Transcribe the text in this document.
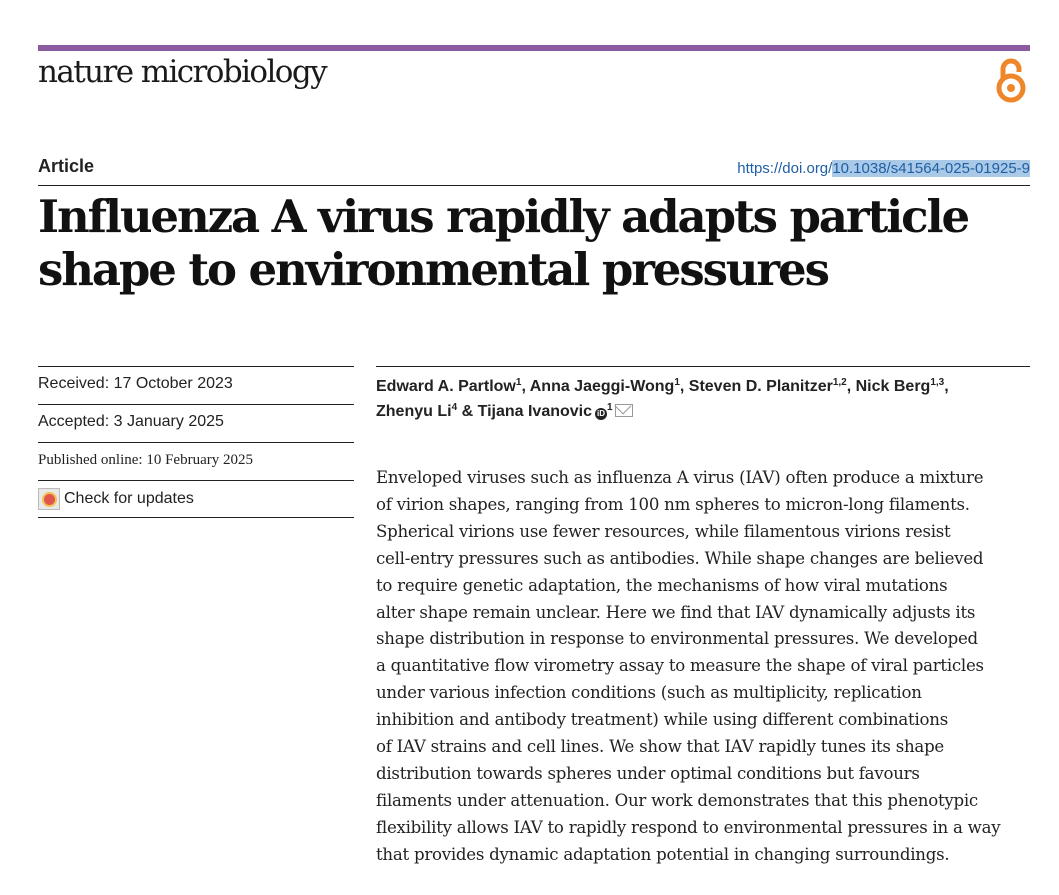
nature microbiology
Article	https://doi.org/10.1038/s41564-025-01925-9
Influenza A virus rapidly adapts particle shape to environmental pressures
Received: 17 October 2023
Accepted: 3 January 2025
Published online: 10 February 2025
Check for updates
Edward A. Partlow$^1$, Anna Jaeggi-Wong$^1$, Steven D. Planitzer$^{1,2}$, Nick Berg$^{1,3}$,
Zhenyu Li$^4$ & Tijana Ivanovic $iD^1$
Enveloped viruses such as influenza A virus (IAV) often produce a mixture
of virion shapes, ranging from 100 nm spheres to micron-long filaments.
Spherical virions use fewer resources, while filamentous virions resist
cell-entry pressures such as antibodies. While shape changes are believed
to require genetic adaptation, the mechanisms of how viral mutations
alter shape remain unclear. Here we find that IAV dynamically adjusts its
shape distribution in response to environmental pressures. We developed
a quantitative flow virometry assay to measure the shape of viral particles
under various infection conditions (such as multiplicity, replication
inhibition and antibody treatment) while using different combinations
of IAV strains and cell lines. We show that IAV rapidly tunes its shape
distribution towards spheres under optimal conditions but favours
filaments under attenuation. Our work demonstrates that this phenotypic
flexibility allows IAV to rapidly respond to environmental pressures in a way
that provides dynamic adaptation potential in changing surroundings.
